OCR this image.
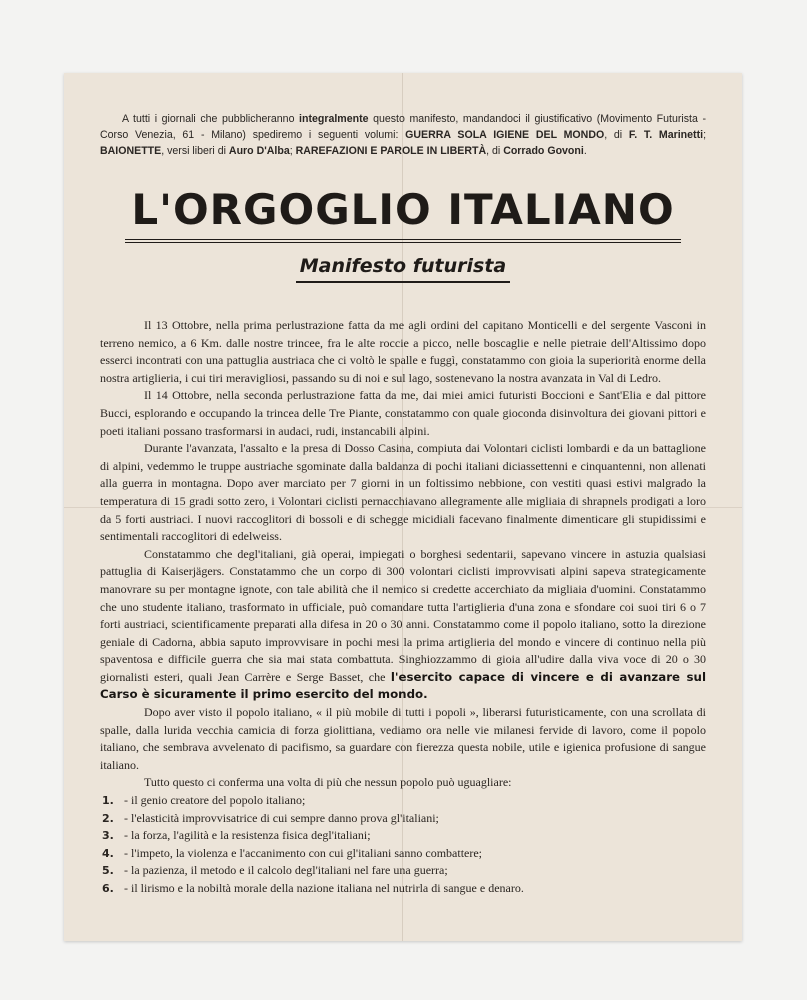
A tutti i giornali che pubblicheranno integralmente questo manifesto, mandandoci il giustificativo (Movimento Futurista - Corso Venezia, 61 - Milano) spediremo i seguenti volumi: GUERRA SOLA IGIENE DEL MONDO, di F. T. Marinetti; BAIONETTE, versi liberi di Auro D'Alba; RAREFAZIONI E PAROLE IN LIBERTÀ, di Corrado Govoni.
L'ORGOGLIO ITALIANO
Manifesto futurista

Il 13 Ottobre, nella prima perlustrazione fatta da me agli ordini del capitano Monticelli e del sergente Vasconi in terreno nemico, a 6 Km. dalle nostre trincee, fra le alte roccie a picco, nelle boscaglie e nelle pietraie dell'Altissimo dopo esserci incontrati con una pattuglia austriaca che ci voltò le spalle e fuggì, constatammo con gioia la superiorità enorme della nostra artiglieria, i cui tiri meravigliosi, passando su di noi e sul lago, sostenevano la nostra avanzata in Val di Ledro.

Il 14 Ottobre, nella seconda perlustrazione fatta da me, dai miei amici futuristi Boccioni e Sant'Elia e dal pittore Bucci, esplorando e occupando la trincea delle Tre Piante, constatammo con quale gioconda disinvoltura dei giovani pittori e poeti italiani possano trasformarsi in audaci, rudi, instancabili alpini.

Durante l'avanzata, l'assalto e la presa di Dosso Casina, compiuta dai Volontari ciclisti lombardi e da un battaglione di alpini, vedemmo le truppe austriache sgominate dalla baldanza di pochi italiani diciassettenni e cinquantenni, non allenati alla guerra in montagna. Dopo aver marciato per 7 giorni in un foltissimo nebbione, con vestiti quasi estivi malgrado la temperatura di 15 gradi sotto zero, i Volontari ciclisti pernacchiavano allegramente alle migliaia di shrapnels prodigati a loro da 5 forti austriaci. I nuovi raccoglitori di bossoli e di schegge micidiali facevano finalmente dimenticare gli stupidissimi e sentimentali raccoglitori di edelweiss.

Constatammo che degl'italiani, già operai, impiegati o borghesi sedentarii, sapevano vincere in astuzia qualsiasi pattuglia di Kaiserjägers. Constatammo che un corpo di 300 volontari ciclisti improvvisati alpini sapeva strategicamente manovrare su per montagne ignote, con tale abilità che il nemico si credette accerchiato da migliaia d'uomini. Constatammo che uno studente italiano, trasformato in ufficiale, può comandare tutta l'artiglieria d'una zona e sfondare coi suoi tiri 6 o 7 forti austriaci, scientificamente preparati alla difesa in 20 o 30 anni. Constatammo come il popolo italiano, sotto la direzione geniale di Cadorna, abbia saputo improvvisare in pochi mesi la prima artiglieria del mondo e vincere di continuo nella più spaventosa e difficile guerra che sia mai stata combattuta. Singhiozzammo di gioia all'udire dalla viva voce di 20 o 30 giornalisti esteri, quali Jean Carrère e Serge Basset, che l'esercito capace di vincere e di avanzare sul Carso è sicuramente il primo esercito del mondo.

Dopo aver visto il popolo italiano, « il più mobile di tutti i popoli », liberarsi futuristicamente, con una scrollata di spalle, dalla lurida vecchia camicia di forza giolittiana, vediamo ora nelle vie milanesi fervide di lavoro, come il popolo italiano, che sembrava avvelenato di pacifismo, sa guardare con fierezza questa nobile, utile e igienica profusione di sangue italiano.

Tutto questo ci conferma una volta di più che nessun popolo può uguagliare:

1. - il genio creatore del popolo italiano;
2. - l'elasticità improvvisatrice di cui sempre danno prova gl'italiani;
3. - la forza, l'agilità e la resistenza fisica degl'italiani;
4. - l'impeto, la violenza e l'accanimento con cui gl'italiani sanno combattere;
5. - la pazienza, il metodo e il calcolo degl'italiani nel fare una guerra;
6. - il lirismo e la nobiltà morale della nazione italiana nel nutrirla di sangue e denaro.
